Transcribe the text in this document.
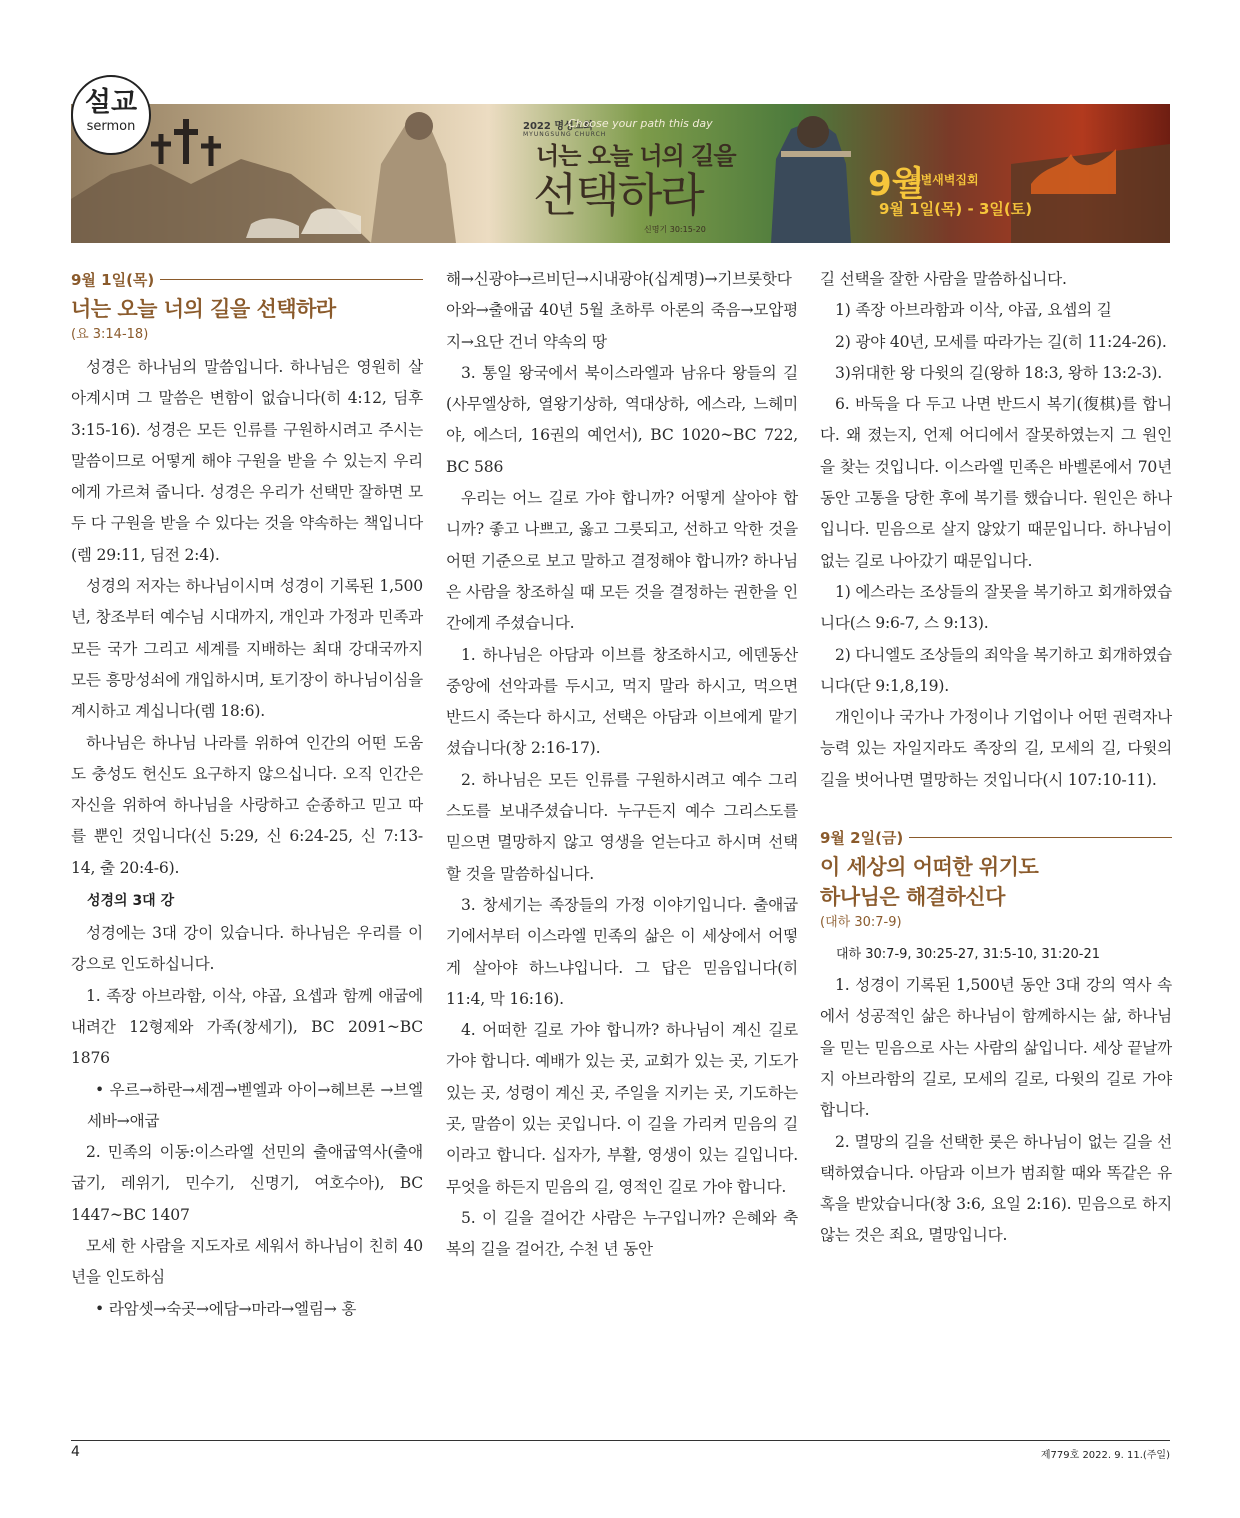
설교
sermon	2022 명성교회
MYUNGSUNG CHURCH
Choose your path this day
너는 오늘 너의 길을
선택하라
신명기 30:15-20
9월
특별새벽집회
9월 1일(목) - 3일(토)
9월 1일(목)
너는 오늘 너의 길을 선택하라
(요 3:14-18)

성경은 하나님의 말씀입니다. 하나님은 영원히 살아계시며 그 말씀은 변함이 없습니다(히 4:12, 딤후 3:15-16). 성경은 모든 인류를 구원하시려고 주시는 말씀이므로 어떻게 해야 구원을 받을 수 있는지 우리에게 가르쳐 줍니다. 성경은 우리가 선택만 잘하면 모두 다 구원을 받을 수 있다는 것을 약속하는 책입니다(렘 29:11, 딤전 2:4).

성경의 저자는 하나님이시며 성경이 기록된 1,500년, 창조부터 예수님 시대까지, 개인과 가정과 민족과 모든 국가 그리고 세계를 지배하는 최대 강대국까지 모든 흥망성쇠에 개입하시며, 토기장이 하나님이심을 계시하고 계십니다(렘 18:6).

하나님은 하나님 나라를 위하여 인간의 어떤 도움도 충성도 헌신도 요구하지 않으십니다. 오직 인간은 자신을 위하여 하나님을 사랑하고 순종하고 믿고 따를 뿐인 것입니다(신 5:29, 신 6:24-25, 신 7:13-14, 출 20:4-6).

성경의 3대 강

성경에는 3대 강이 있습니다. 하나님은 우리를 이 강으로 인도하십니다.

1. 족장 아브라함, 이삭, 야곱, 요셉과 함께 애굽에 내려간 12형제와 가족(창세기), BC 2091~BC 1876

• 우르→하란→세겜→벧엘과 아이→헤브론 →브엘세바→애굽

2. 민족의 이동:이스라엘 선민의 출애굽역사(출애굽기, 레위기, 민수기, 신명기, 여호수아), BC 1447~BC 1407

모세 한 사람을 지도자로 세워서 하나님이 친히 40년을 인도하심

• 라암셋→숙곳→에담→마라→엘림→ 홍

해→신광야→르비딘→시내광야(십계명)→기브롯핫다아와→출애굽 40년 5월 초하루 아론의 죽음→모압평지→요단 건너 약속의 땅

3. 통일 왕국에서 북이스라엘과 남유다 왕들의 길(사무엘상하, 열왕기상하, 역대상하, 에스라, 느헤미야, 에스더, 16권의 예언서), BC 1020~BC 722, BC 586

우리는 어느 길로 가야 합니까? 어떻게 살아야 합니까? 좋고 나쁘고, 옳고 그릇되고, 선하고 악한 것을 어떤 기준으로 보고 말하고 결정해야 합니까? 하나님은 사람을 창조하실 때 모든 것을 결정하는 권한을 인간에게 주셨습니다.

1. 하나님은 아담과 이브를 창조하시고, 에덴동산 중앙에 선악과를 두시고, 먹지 말라 하시고, 먹으면 반드시 죽는다 하시고, 선택은 아담과 이브에게 맡기셨습니다(창 2:16-17).

2. 하나님은 모든 인류를 구원하시려고 예수 그리스도를 보내주셨습니다. 누구든지 예수 그리스도를 믿으면 멸망하지 않고 영생을 얻는다고 하시며 선택할 것을 말씀하십니다.

3. 창세기는 족장들의 가정 이야기입니다. 출애굽기에서부터 이스라엘 민족의 삶은 이 세상에서 어떻게 살아야 하느냐입니다. 그 답은 믿음입니다(히 11:4, 막 16:16).

4. 어떠한 길로 가야 합니까? 하나님이 계신 길로 가야 합니다. 예배가 있는 곳, 교회가 있는 곳, 기도가 있는 곳, 성령이 계신 곳, 주일을 지키는 곳, 기도하는 곳, 말씀이 있는 곳입니다. 이 길을 가리켜 믿음의 길이라고 합니다. 십자가, 부활, 영생이 있는 길입니다. 무엇을 하든지 믿음의 길, 영적인 길로 가야 합니다.

5. 이 길을 걸어간 사람은 누구입니까? 은혜와 축복의 길을 걸어간, 수천 년 동안

길 선택을 잘한 사람을 말씀하십니다.

1) 족장 아브라함과 이삭, 야곱, 요셉의 길

2) 광야 40년, 모세를 따라가는 길(히 11:24-26).

3)위대한 왕 다윗의 길(왕하 18:3, 왕하 13:2-3).

6. 바둑을 다 두고 나면 반드시 복기(復棋)를 합니다. 왜 졌는지, 언제 어디에서 잘못하였는지 그 원인을 찾는 것입니다. 이스라엘 민족은 바벨론에서 70년 동안 고통을 당한 후에 복기를 했습니다. 원인은 하나입니다. 믿음으로 살지 않았기 때문입니다. 하나님이 없는 길로 나아갔기 때문입니다.

1) 에스라는 조상들의 잘못을 복기하고 회개하였습니다(스 9:6-7, 스 9:13).

2) 다니엘도 조상들의 죄악을 복기하고 회개하였습니다(단 9:1,8,19).

개인이나 국가나 가정이나 기업이나 어떤 권력자나 능력 있는 자일지라도 족장의 길, 모세의 길, 다윗의 길을 벗어나면 멸망하는 것입니다(시 107:10-11).

9월 2일(금)
이 세상의 어떠한 위기도
하나님은 해결하신다
(대하 30:7-9)
대하 30:7-9, 30:25-27, 31:5-10, 31:20-21

1. 성경이 기록된 1,500년 동안 3대 강의 역사 속에서 성공적인 삶은 하나님이 함께하시는 삶, 하나님을 믿는 믿음으로 사는 사람의 삶입니다. 세상 끝날까지 아브라함의 길로, 모세의 길로, 다윗의 길로 가야 합니다.

2. 멸망의 길을 선택한 롯은 하나님이 없는 길을 선택하였습니다. 아담과 이브가 범죄할 때와 똑같은 유혹을 받았습니다(창 3:6, 요일 2:16). 믿음으로 하지 않는 것은 죄요, 멸망입니다.

4	제779호 2022. 9. 11.(주일)
